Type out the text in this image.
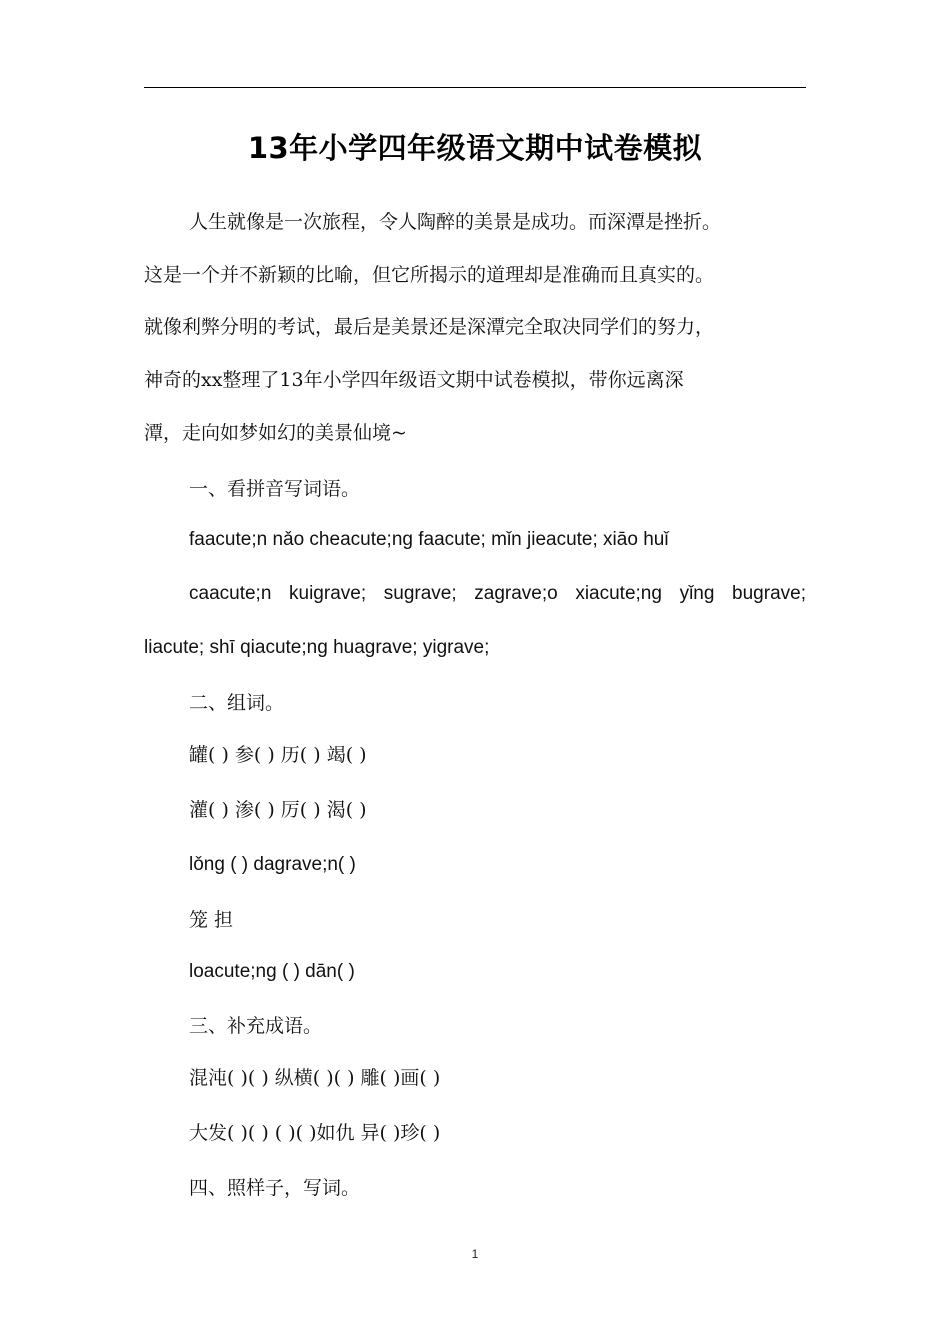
13年小学四年级语文期中试卷模拟
人生就像是一次旅程，令人陶醉的美景是成功。而深潭是挫折。
这是一个并不新颖的比喻，但它所揭示的道理却是准确而且真实的。
就像利弊分明的考试，最后是美景还是深潭完全取决同学们的努力，
神奇的xx整理了13年小学四年级语文期中试卷模拟，带你远离深
潭，走向如梦如幻的美景仙境~
一、看拼音写词语。
faacute;n nǎo cheacute;ng faacute; mǐn jieacute; xiāo huǐ
caacute;n kuigrave; sugrave; zagrave;o xiacute;ng yǐng bugrave;
liacute; shī qiacute;ng huagrave; yigrave;
二、组词。
罐( ) 参( ) 历( ) 竭( )
灌( ) 渗( ) 厉( ) 渴( )
lǒng ( ) dagrave;n( )
笼 担
loacute;ng ( ) dān( )
三、补充成语。
混沌( )( ) 纵横( )( ) 雕( )画( )
大发( )( ) ( )( )如仇 异( )珍( )
四、照样子，写词。
1
